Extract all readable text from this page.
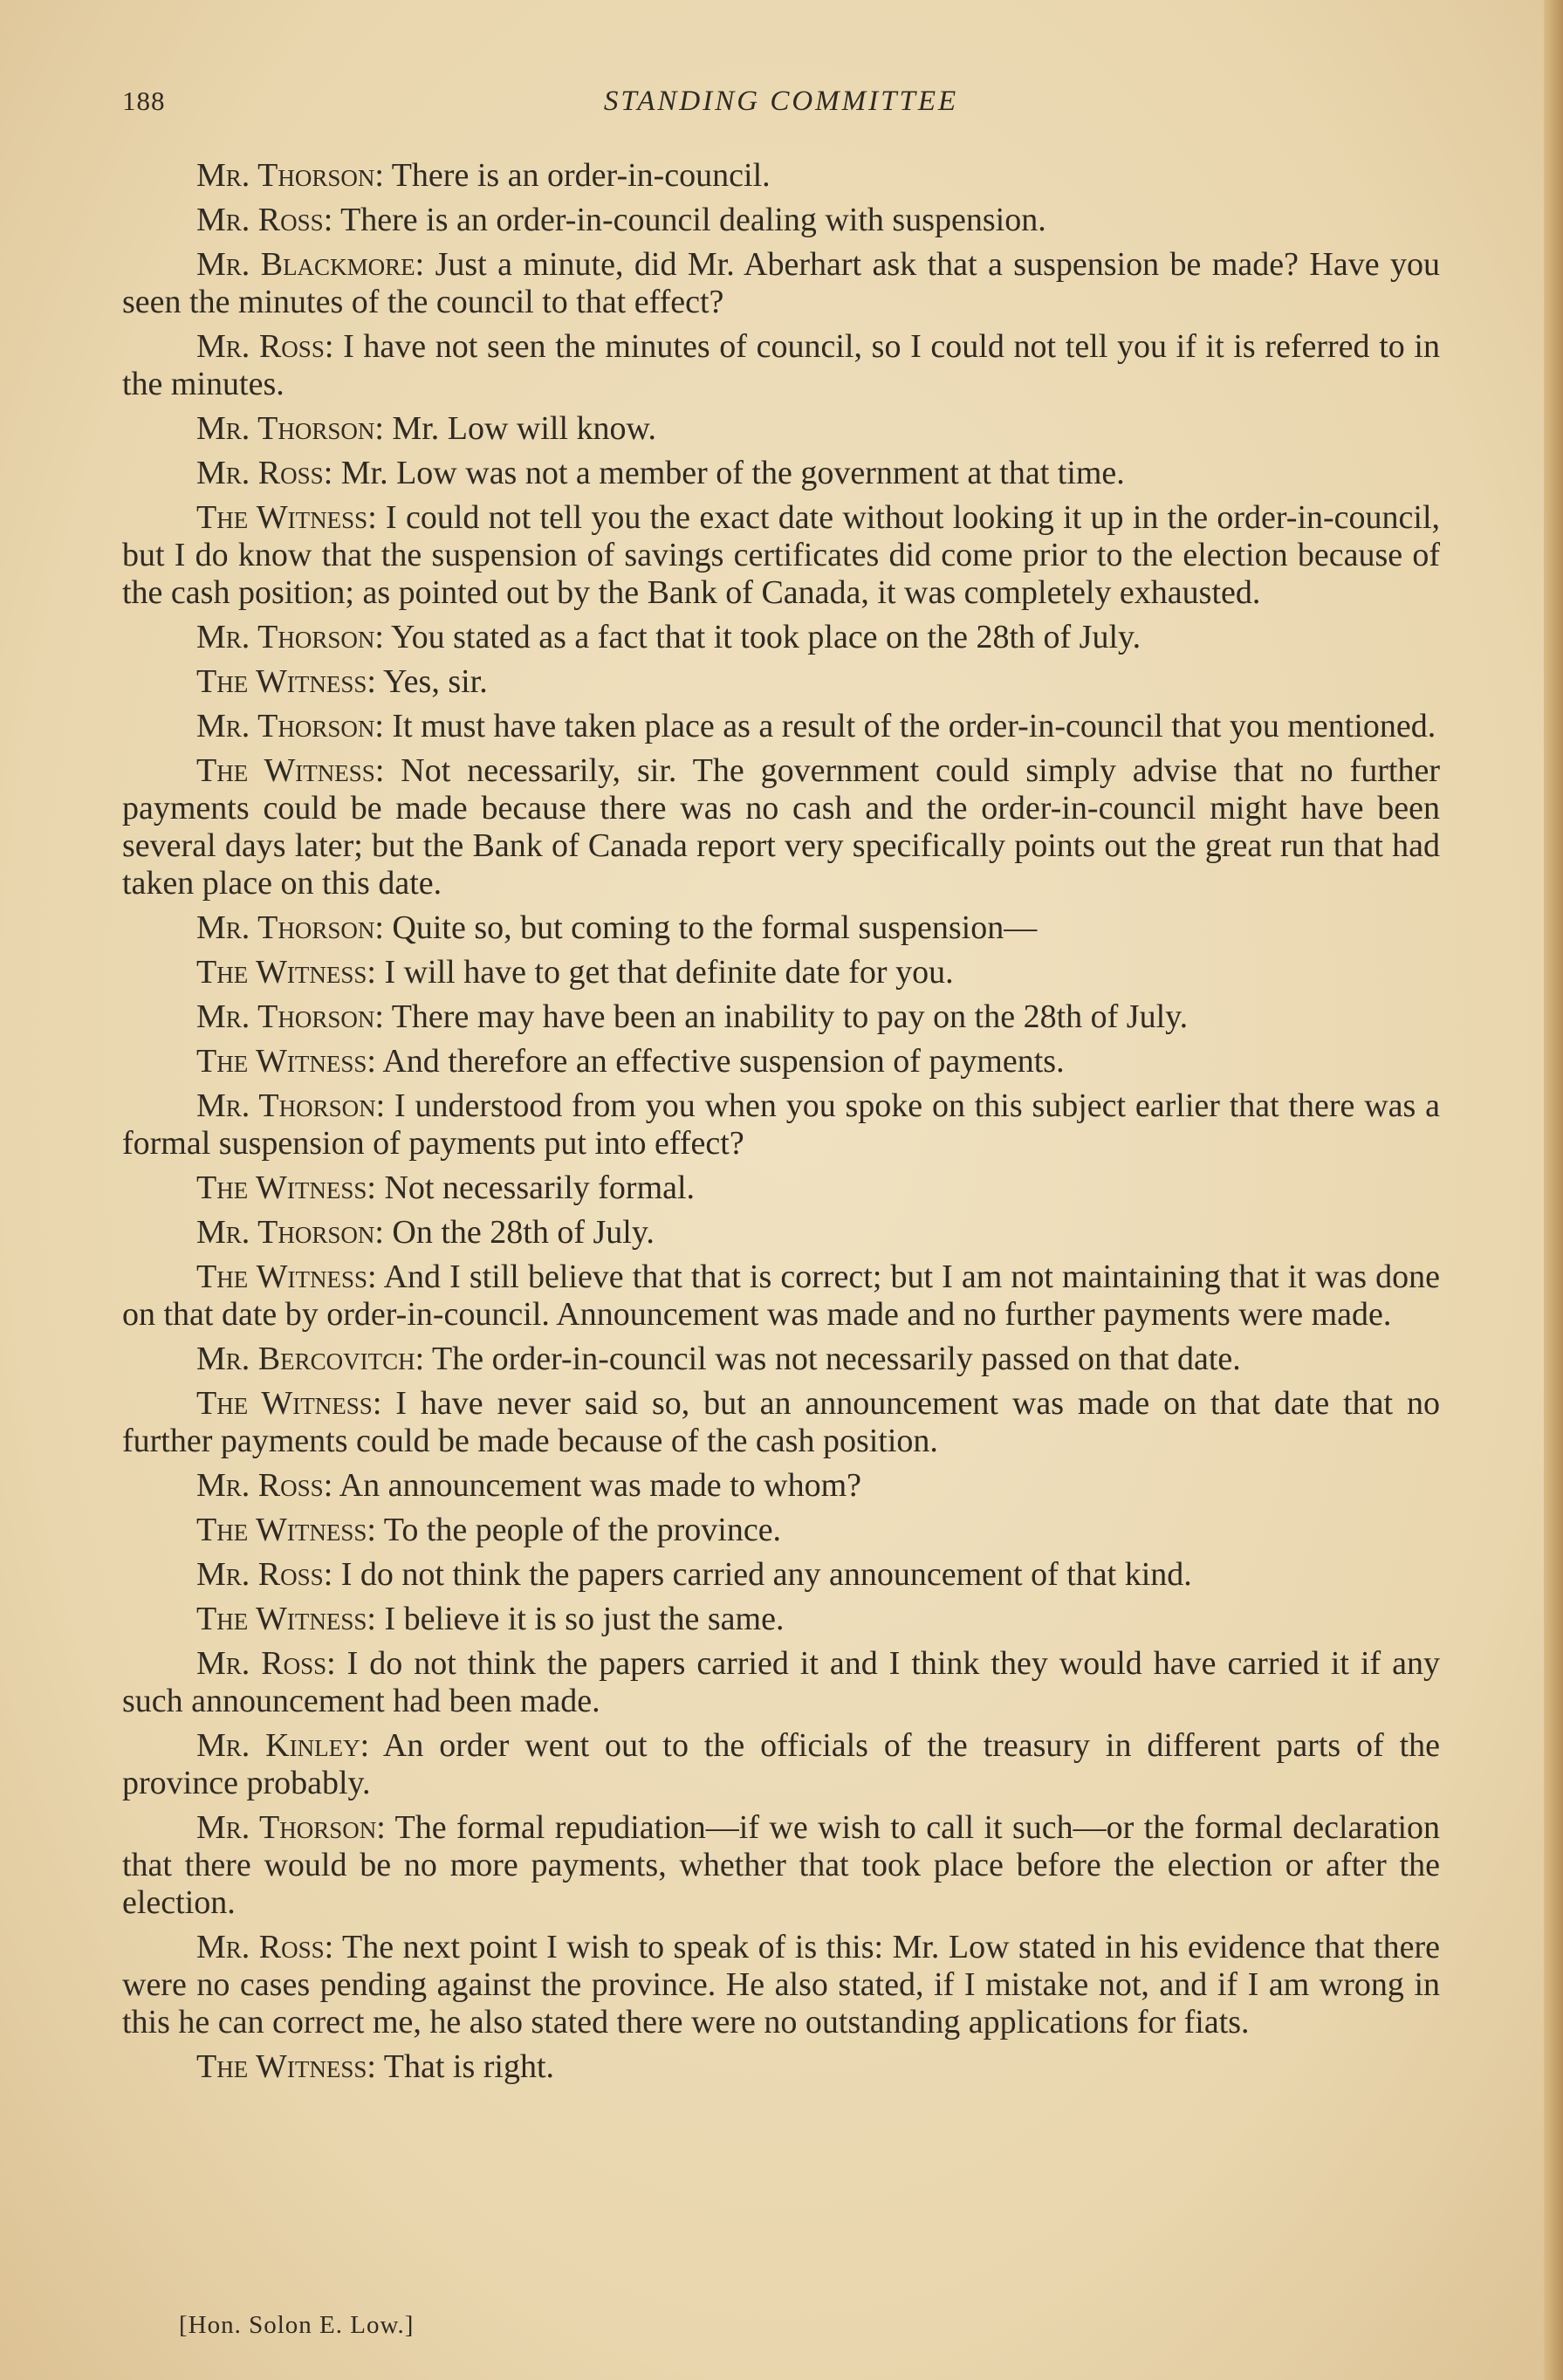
188	STANDING COMMITTEE

Mr. Thorson: There is an order-in-council.

Mr. Ross: There is an order-in-council dealing with suspension.

Mr. Blackmore: Just a minute, did Mr. Aberhart ask that a suspension be made? Have you seen the minutes of the council to that effect?

Mr. Ross: I have not seen the minutes of council, so I could not tell you if it is referred to in the minutes.

Mr. Thorson: Mr. Low will know.

Mr. Ross: Mr. Low was not a member of the government at that time.

The Witness: I could not tell you the exact date without looking it up in the order-in-council, but I do know that the suspension of savings certificates did come prior to the election because of the cash position; as pointed out by the Bank of Canada, it was completely exhausted.

Mr. Thorson: You stated as a fact that it took place on the 28th of July.

The Witness: Yes, sir.

Mr. Thorson: It must have taken place as a result of the order-in-council that you mentioned.

The Witness: Not necessarily, sir. The government could simply advise that no further payments could be made because there was no cash and the order-in-council might have been several days later; but the Bank of Canada report very specifically points out the great run that had taken place on this date.

Mr. Thorson: Quite so, but coming to the formal suspension—

The Witness: I will have to get that definite date for you.

Mr. Thorson: There may have been an inability to pay on the 28th of July.

The Witness: And therefore an effective suspension of payments.

Mr. Thorson: I understood from you when you spoke on this subject earlier that there was a formal suspension of payments put into effect?

The Witness: Not necessarily formal.

Mr. Thorson: On the 28th of July.

The Witness: And I still believe that that is correct; but I am not maintaining that it was done on that date by order-in-council. Announcement was made and no further payments were made.

Mr. Bercovitch: The order-in-council was not necessarily passed on that date.

The Witness: I have never said so, but an announcement was made on that date that no further payments could be made because of the cash position.

Mr. Ross: An announcement was made to whom?

The Witness: To the people of the province.

Mr. Ross: I do not think the papers carried any announcement of that kind.

The Witness: I believe it is so just the same.

Mr. Ross: I do not think the papers carried it and I think they would have carried it if any such announcement had been made.

Mr. Kinley: An order went out to the officials of the treasury in different parts of the province probably.

Mr. Thorson: The formal repudiation—if we wish to call it such—or the formal declaration that there would be no more payments, whether that took place before the election or after the election.

Mr. Ross: The next point I wish to speak of is this: Mr. Low stated in his evidence that there were no cases pending against the province. He also stated, if I mistake not, and if I am wrong in this he can correct me, he also stated there were no outstanding applications for fiats.

The Witness: That is right.

[Hon. Solon E. Low.]
